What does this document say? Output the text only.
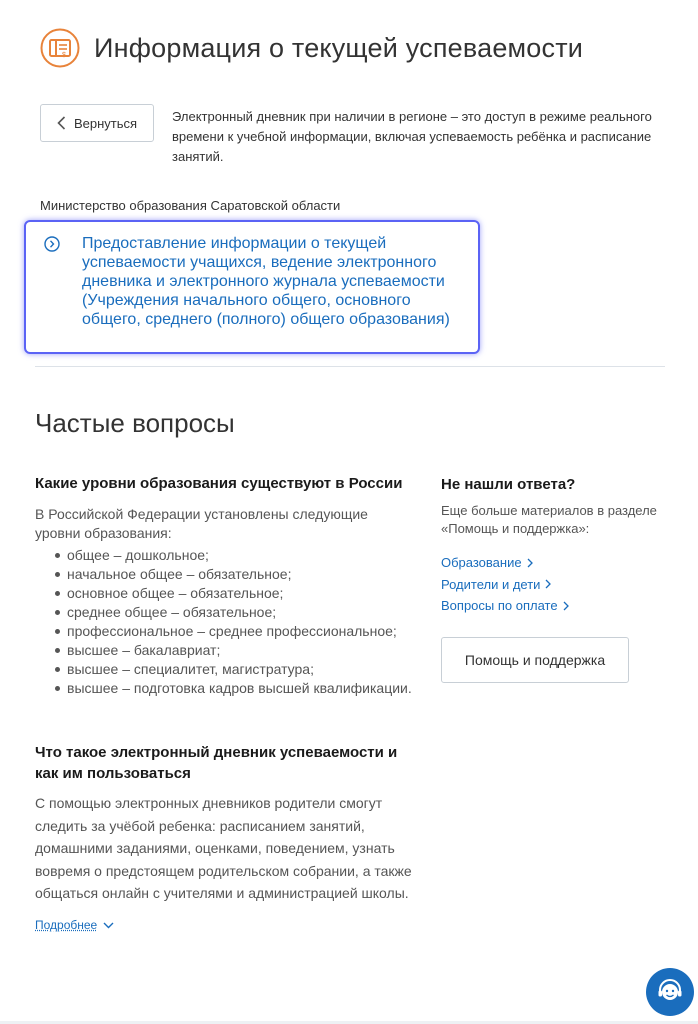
$ Информация о текущей успеваемости
Вернуться	Электронный дневник при наличии в регионе – это доступ в режиме реального времени к учебной информации, включая успеваемость ребёнка и расписание занятий.

Министерство образования Саратовской области
Предоставление информации о текущей успеваемости учащихся, ведение электронного дневника и электронного журнала успеваемости (Учреждения начального общего, основного общего, среднего (полного) общего образования)
Частые вопросы
Какие уровни образования существуют в России

В Российской Федерации установлены следующие уровни образования:

общее – дошкольное;
начальное общее – обязательное;
основное общее – обязательное;
среднее общее – обязательное;
профессиональное – среднее профессиональное;
высшее – бакалавриат;
высшее – специалитет, магистратура;
высшее – подготовка кадров высшей квалификации.
Что такое электронный дневник успеваемости и как им пользоваться

С помощью электронных дневников родители смогут следить за учёбой ребенка: расписанием занятий, домашними заданиями, оценками, поведением, узнать вовремя о предстоящем родительском собрании, а также общаться онлайн с учителями и администрацией школы.

Подробнее
Не нашли ответа?

Еще больше материалов в разделе «Помощь и поддержка»:

Образование
Родители и дети
Вопросы по оплате
Помощь и поддержка
